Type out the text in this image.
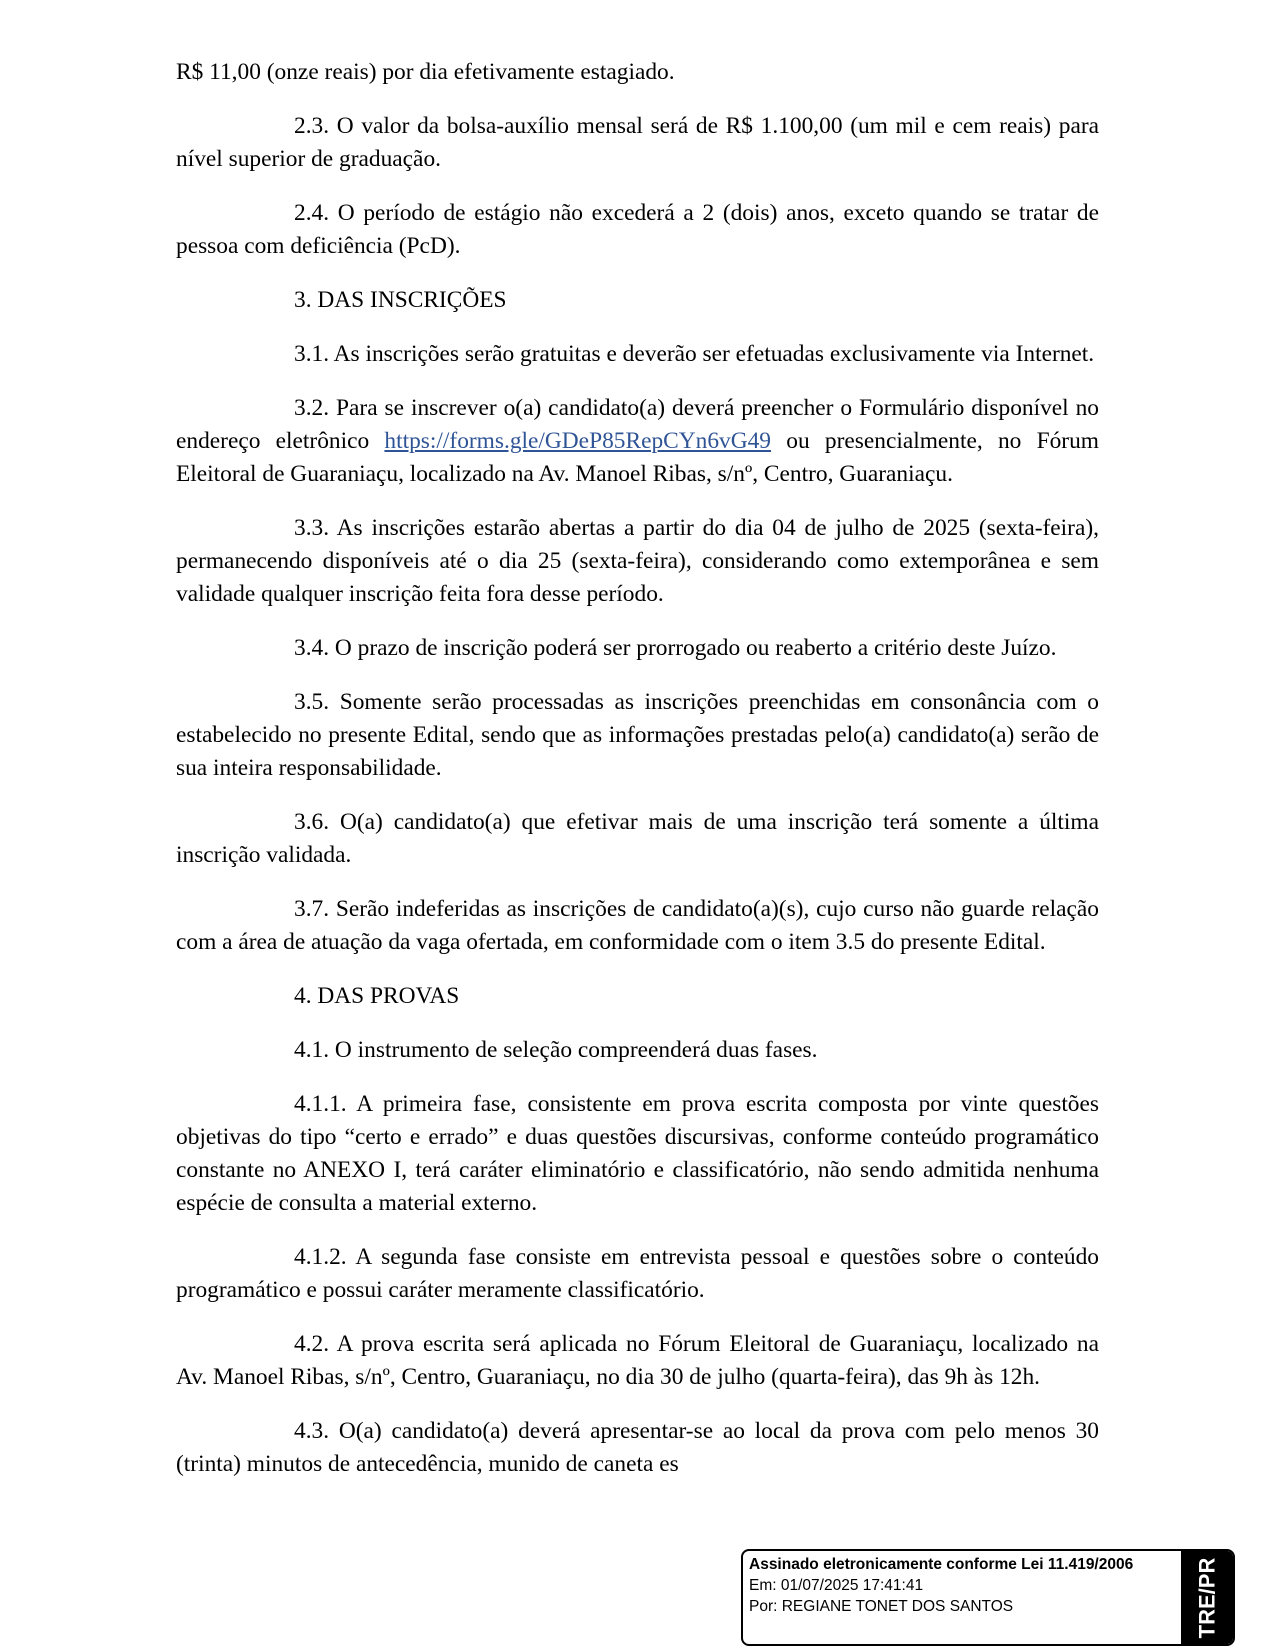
R$ 11,00 (onze reais) por dia efetivamente estagiado.

2.3. O valor da bolsa-auxílio mensal será de R$ 1.100,00 (um mil e cem reais) para nível superior de graduação.

2.4. O período de estágio não excederá a 2 (dois) anos, exceto quando se tratar de pessoa com deficiência (PcD).

3. DAS INSCRIÇÕES

3.1. As inscrições serão gratuitas e deverão ser efetuadas exclusivamente via Internet.

3.2. Para se inscrever o(a) candidato(a) deverá preencher o Formulário disponível no endereço eletrônico https://forms.gle/GDeP85RepCYn6vG49 ou presencialmente, no Fórum Eleitoral de Guaraniaçu, localizado na Av. Manoel Ribas, s/nº, Centro, Guaraniaçu.

3.3. As inscrições estarão abertas a partir do dia 04 de julho de 2025 (sexta-feira), permanecendo disponíveis até o dia 25 (sexta-feira), considerando como extemporânea e sem validade qualquer inscrição feita fora desse período.

3.4. O prazo de inscrição poderá ser prorrogado ou reaberto a critério deste Juízo.

3.5. Somente serão processadas as inscrições preenchidas em consonância com o estabelecido no presente Edital, sendo que as informações prestadas pelo(a) candidato(a) serão de sua inteira responsabilidade.

3.6. O(a) candidato(a) que efetivar mais de uma inscrição terá somente a última inscrição validada.

3.7. Serão indeferidas as inscrições de candidato(a)(s), cujo curso não guarde relação com a área de atuação da vaga ofertada, em conformidade com o item 3.5 do presente Edital.

4. DAS PROVAS

4.1. O instrumento de seleção compreenderá duas fases.

4.1.1. A primeira fase, consistente em prova escrita composta por vinte questões objetivas do tipo “certo e errado” e duas questões discursivas, conforme conteúdo programático constante no ANEXO I, terá caráter eliminatório e classificatório, não sendo admitida nenhuma espécie de consulta a material externo.

4.1.2. A segunda fase consiste em entrevista pessoal e questões sobre o conteúdo programático e possui caráter meramente classificatório.

4.2. A prova escrita será aplicada no Fórum Eleitoral de Guaraniaçu, localizado na Av. Manoel Ribas, s/nº, Centro, Guaraniaçu, no dia 30 de julho (quarta-feira), das 9h às 12h.

4.3. O(a) candidato(a) deverá apresentar-se ao local da prova com pelo menos 30 (trinta) minutos de antecedência, munido de caneta es

Assinado eletronicamente conforme Lei 11.419/2006
Em: 01/07/2025 17:41:41
Por: REGIANE TONET DOS SANTOS	TRE/PR
